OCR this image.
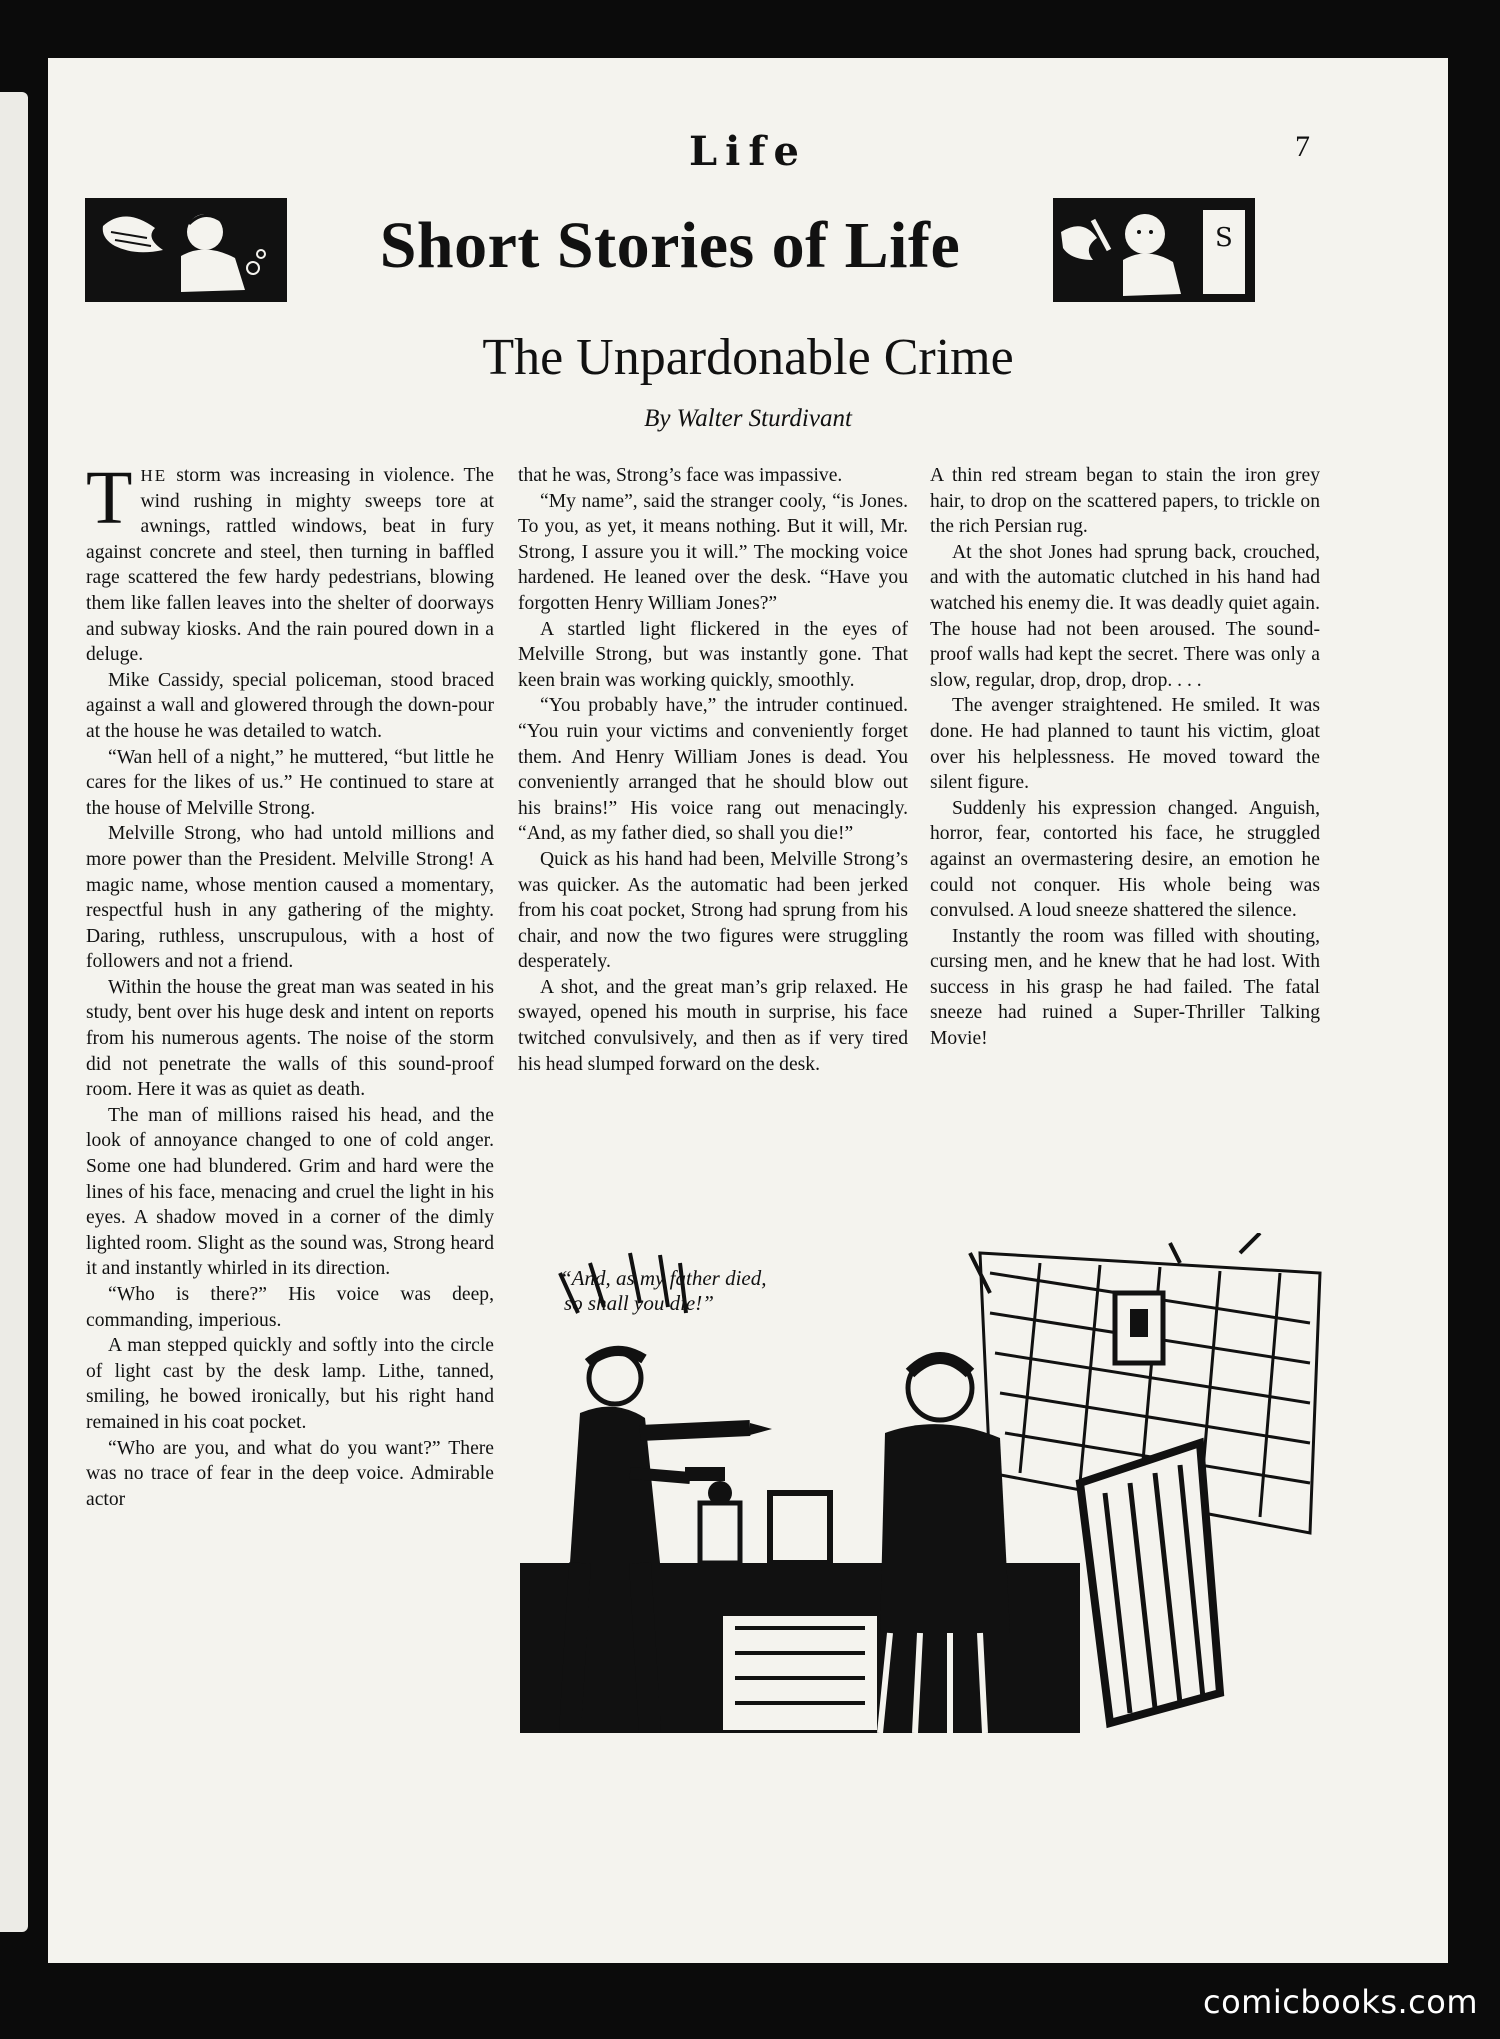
Life	7
Short Stories of Life	S
The Unpardonable Crime
By Walter Sturdivant

THE storm was increasing in violence. The wind rushing in mighty sweeps tore at awnings, rattled windows, beat in fury against concrete and steel, then turning in baffled rage scattered the few hardy pedestrians, blowing them like fallen leaves into the shelter of doorways and subway kiosks. And the rain poured down in a deluge.

Mike Cassidy, special policeman, stood braced against a wall and glowered through the down-pour at the house he was detailed to watch.

“Wan hell of a night,” he muttered, “but little he cares for the likes of us.” He continued to stare at the house of Melville Strong.

Melville Strong, who had untold millions and more power than the President. Melville Strong! A magic name, whose mention caused a momentary, respectful hush in any gathering of the mighty. Daring, ruthless, unscrupulous, with a host of followers and not a friend.

Within the house the great man was seated in his study, bent over his huge desk and intent on reports from his numerous agents. The noise of the storm did not penetrate the walls of this sound-proof room. Here it was as quiet as death.

The man of millions raised his head, and the look of annoyance changed to one of cold anger. Some one had blundered. Grim and hard were the lines of his face, menacing and cruel the light in his eyes. A shadow moved in a corner of the dimly lighted room. Slight as the sound was, Strong heard it and instantly whirled in its direction.

“Who is there?” His voice was deep, commanding, imperious.

A man stepped quickly and softly into the circle of light cast by the desk lamp. Lithe, tanned, smiling, he bowed ironically, but his right hand remained in his coat pocket.

“Who are you, and what do you want?” There was no trace of fear in the deep voice. Admirable actor

that he was, Strong’s face was impassive.

“My name”, said the stranger cooly, “is Jones. To you, as yet, it means nothing. But it will, Mr. Strong, I assure you it will.” The mocking voice hardened. He leaned over the desk. “Have you forgotten Henry William Jones?”

A startled light flickered in the eyes of Melville Strong, but was instantly gone. That keen brain was working quickly, smoothly.

“You probably have,” the intruder continued. “You ruin your victims and conveniently forget them. And Henry William Jones is dead. You conveniently arranged that he should blow out his brains!” His voice rang out menacingly. “And, as my father died, so shall you die!”

Quick as his hand had been, Melville Strong’s was quicker. As the automatic had been jerked from his coat pocket, Strong had sprung from his chair, and now the two figures were struggling desperately.

A shot, and the great man’s grip relaxed. He swayed, opened his mouth in surprise, his face twitched convulsively, and then as if very tired his head slumped forward on the desk.

A thin red stream began to stain the iron grey hair, to drop on the scattered papers, to trickle on the rich Persian rug.

At the shot Jones had sprung back, crouched, and with the automatic clutched in his hand had watched his enemy die. It was deadly quiet again. The house had not been aroused. The sound-proof walls had kept the secret. There was only a slow, regular, drop, drop, drop. . . .

The avenger straightened. He smiled. It was done. He had planned to taunt his victim, gloat over his helplessness. He moved toward the silent figure.

Suddenly his expression changed. Anguish, horror, fear, contorted his face, he struggled against an overmastering desire, an emotion he could not conquer. His whole being was convulsed. A loud sneeze shattered the silence.

Instantly the room was filled with shouting, cursing men, and he knew that he had lost. With success in his grasp he had failed. The fatal sneeze had ruined a Super-Thriller Talking Movie!

“And, as my father died,
so shall you die!”
comicbooks.com
